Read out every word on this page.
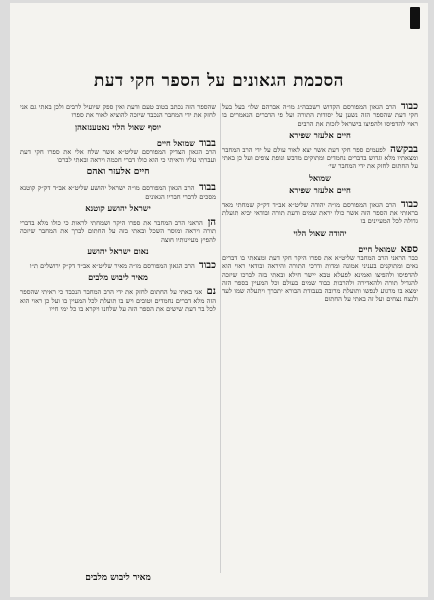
הסכמת הגאונים על הספר חקי דעת
כבוד הרב הגאון המפורסם הקדוש רשכבה״ג מו״ה אברהם שלו׳ בעל בעל חקי דעת שהספר הזה נשען על יסודות התורה ועל פי הדברים הנאמרים בו ראוי להדפיסו ולהפיצו בישראל לזכות את הרבים
חיים אלעזר שפירא
בבקשה לפעמים ספר חקי דעת אשר יצא לאור עולם על ידי הרב המחבר ומצאתיו מלא וגדוש בדברים נחמדים ומתוקים מדבש ונופת צופים ועל כן באתי על החתום לחזק את ידי המחבר שי׳
שמואל
חיים אלעזר שפירא
כבוד הרב הגאון המפורסם מו״ה יהודה שליט״א אב״ד דק״ק שמחתי מאד בראותי את הספר הזה אשר כולו יראת שמים ודעת תורה ובודאי יביא תועלת גדולה לכל המעיינים בו
יהודה שאול הלוי
ספא שמואל חיים
כבר הראני הרב המחבר שליט״א את ספרו היקר חקי דעת ומצאתי בו דברים נאים ומתוקנים בעניני אמונה ומדות ודרכי התורה והיראה ובודאי ראוי הוא להדפיסו ולהפיצו ואמינא לפעלא טבא יישר חילא ובאתי בזה לברכו שיזכה להגדיל תורה ולהאדירה ולהרבות כבוד שמים בעולם וכל המעיין בספר הזה ימצא בו מרגוע לנפשו ותועלת מרובה בעבודת הבורא יתברך ויתעלה שמו לעד ולנצח נצחים ועל זה באתי על החתום
שהספר הזה נכתב בטוב טעם ודעת ואין ספק שיועיל לרבים ולכן באתי גם אני לחזק את ידי המחבר הנכבד שיזכה להוציא לאור את ספרו
יוסף שאול הלוי נאטענזאהן
בבוד שמואל חיים
הרב הגאון הצדיק המפורסם שליט״א אשר שלח אלי את ספרו חקי דעת ועברתי עליו וראיתי כי הוא כולו דברי חכמה ויראה ובאתי לברכו
חיים אלעזר ואהם
בבוד הרב הגאון המפורסם מו״ה ישראל יהושע שליט״א אב״ד דק״ק קוטנא מסכים לדברי חבריו הגאונים
ישראל יהושע קוטנא
הן הראני הרב המחבר את ספרו היקר ושמחתי לראות כי כולו מלא בדברי תורה ויראה ומוסר השכל ובאתי בזה על החתום לברך את המחבר שיזכה להפיץ מעיינותיו חוצה
נאום ישראל יהושע
כבוד הרב הגאון המפורסם מו״ה מאיר שליט״א אב״ד דק״ק ירושלים ת״ו
מאיר ליבוש מלבים
נם אני באתי על החתום לחזק את ידי הרב המחבר הנכבד כי ראיתי שהספר הזה מלא דברים נחמדים וטובים ויש בו תועלת לכל המעיין בו ועל כן ראוי הוא לכל בר דעת שישים את הספר הזה על שלחנו ויקרא בו כל ימי חייו
מאיר ליבוש מלבים
